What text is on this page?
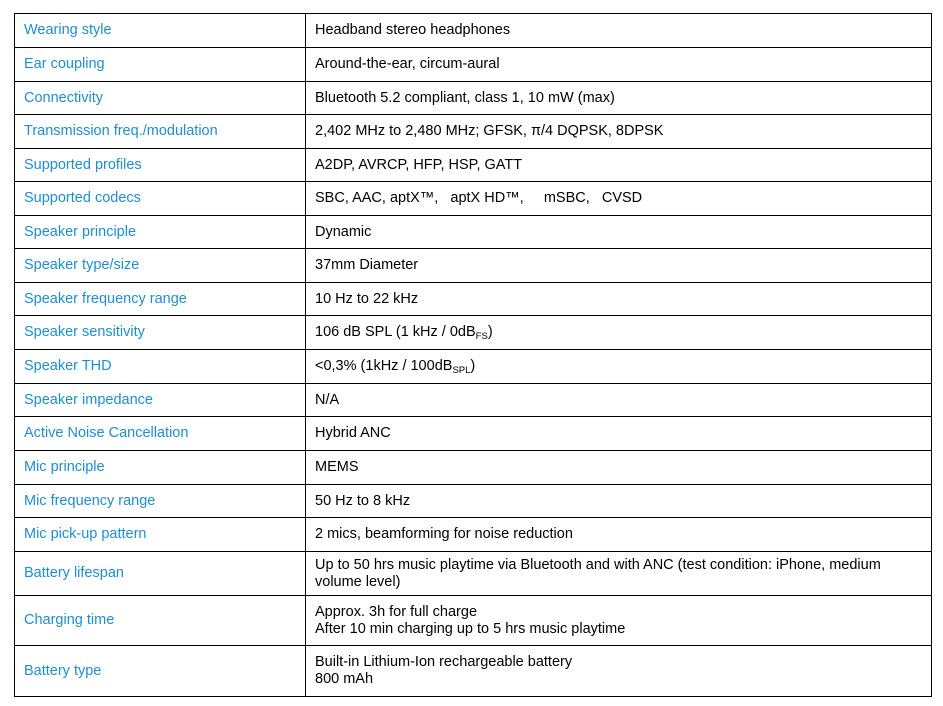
Wearing style	Headband stereo headphones
Ear coupling	Around-the-ear, circum-aural
Connectivity	Bluetooth 5.2 compliant, class 1, 10 mW (max)
Transmission freq./modulation	2,402 MHz to 2,480 MHz; GFSK, π/4 DQPSK, 8DPSK
Supported profiles	A2DP, AVRCP, HFP, HSP, GATT
Supported codecs	SBC, AAC, aptX™,   aptX HD™,     mSBC,   CVSD
Speaker principle	Dynamic
Speaker type/size	37mm Diameter
Speaker frequency range	10 Hz to 22 kHz
Speaker sensitivity	106 dB SPL (1 kHz / $0dB_{FS}$)
Speaker THD	<0,3% $(1kHz / 100dB_{SPL})$
Speaker impedance	N/A
Active Noise Cancellation	Hybrid ANC
Mic principle	MEMS
Mic frequency range	50 Hz to 8 kHz
Mic pick-up pattern	2 mics, beamforming for noise reduction
Battery lifespan	Up to 50 hrs music playtime via Bluetooth and with ANC (test condition: iPhone, medium volume level)
Charging time	Approx. 3h for full charge
After 10 min charging up to 5 hrs music playtime

Battery type	Built-in Lithium-Ion rechargeable battery
800 mAh
